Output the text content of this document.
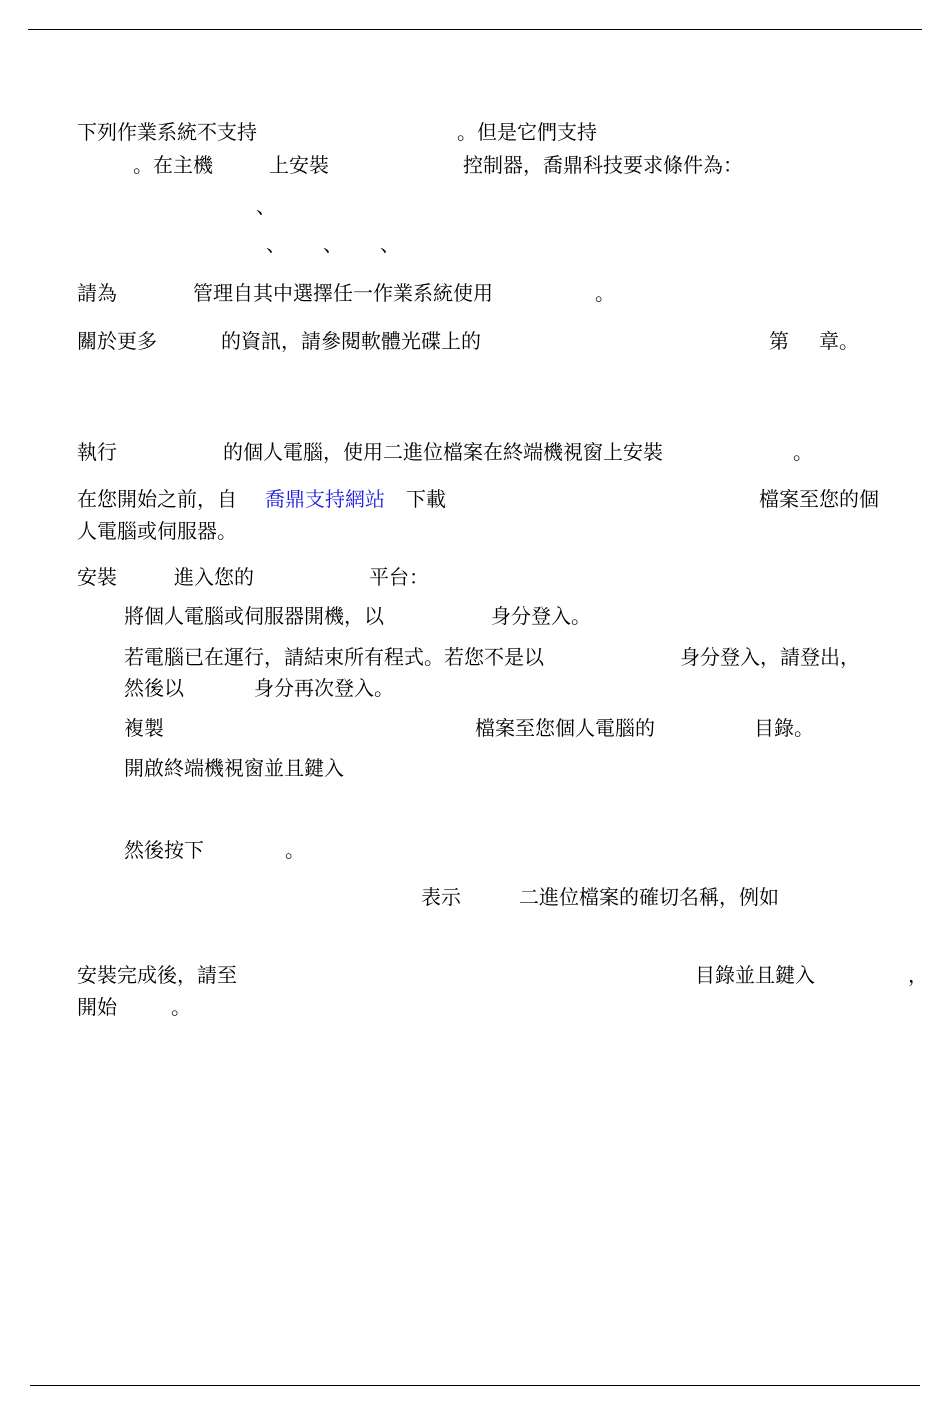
下列作業系統不支持	。但是它們支持
。在主機	上安裝	控制器，喬鼎科技要求條件為：
、
、 、 、
請為	管理自其中選擇任一作業系統使用	。
關於更多	的資訊，請參閱軟體光碟上的	第 章。
執行	的個人電腦，使用二進位檔案在終端機視窗上安裝	。
在您開始之前，自 喬鼎支持網站 下載	檔案至您的個
人電腦或伺服器。
安裝	進入您的	平台：
將個人電腦或伺服器開機，以	身分登入。
若電腦已在運行，請結束所有程式。若您不是以	身分登入，請登出，
然後以	身分再次登入。
複製	檔案至您個人電腦的	目錄。
開啟終端機視窗並且鍵入
然後按下	。
表示	二進位檔案的確切名稱，例如
安裝完成後，請至	目錄並且鍵入	，
開始	。
